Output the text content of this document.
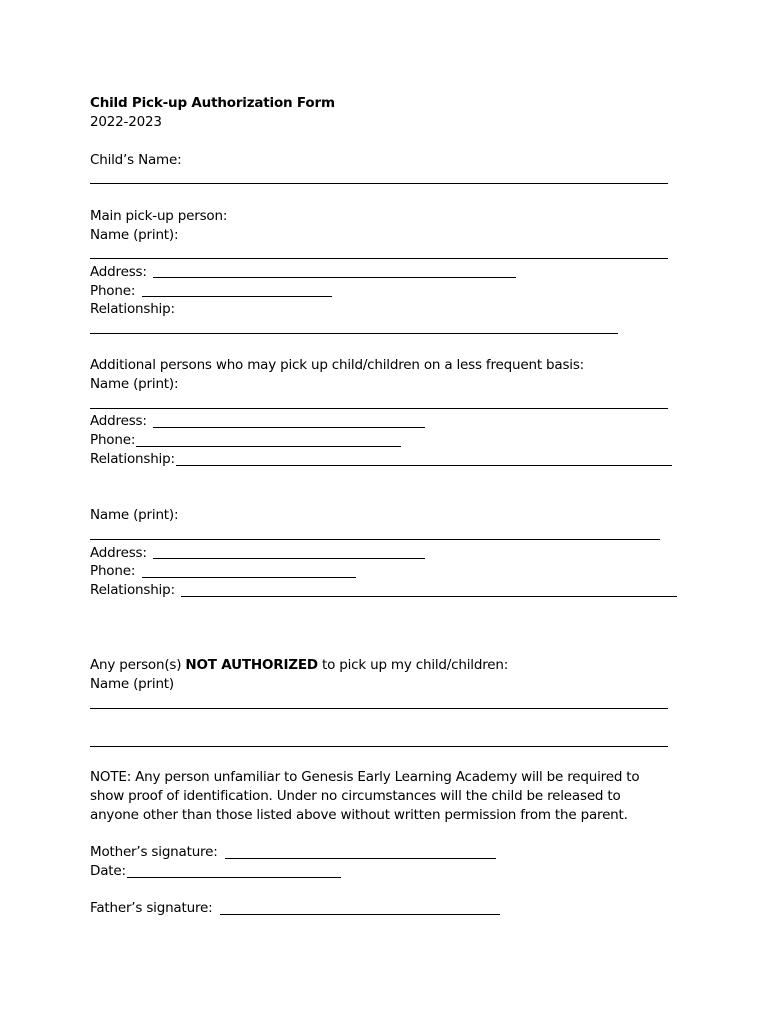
Child Pick-up Authorization Form
2022-2023
Child’s Name:
Main pick-up person:
Name (print):
Address:
Phone:
Relationship:
Additional persons who may pick up child/children on a less frequent basis:
Name (print):
Address:
Phone:
Relationship:
Name (print):
Address:
Phone:
Relationship:
Any person(s) NOT AUTHORIZED to pick up my child/children:
Name (print)
NOTE: Any person unfamiliar to Genesis Early Learning Academy will be required to
show proof of identification. Under no circumstances will the child be released to
anyone other than those listed above without written permission from the parent.
Mother’s signature:
Date:
Father’s signature:
